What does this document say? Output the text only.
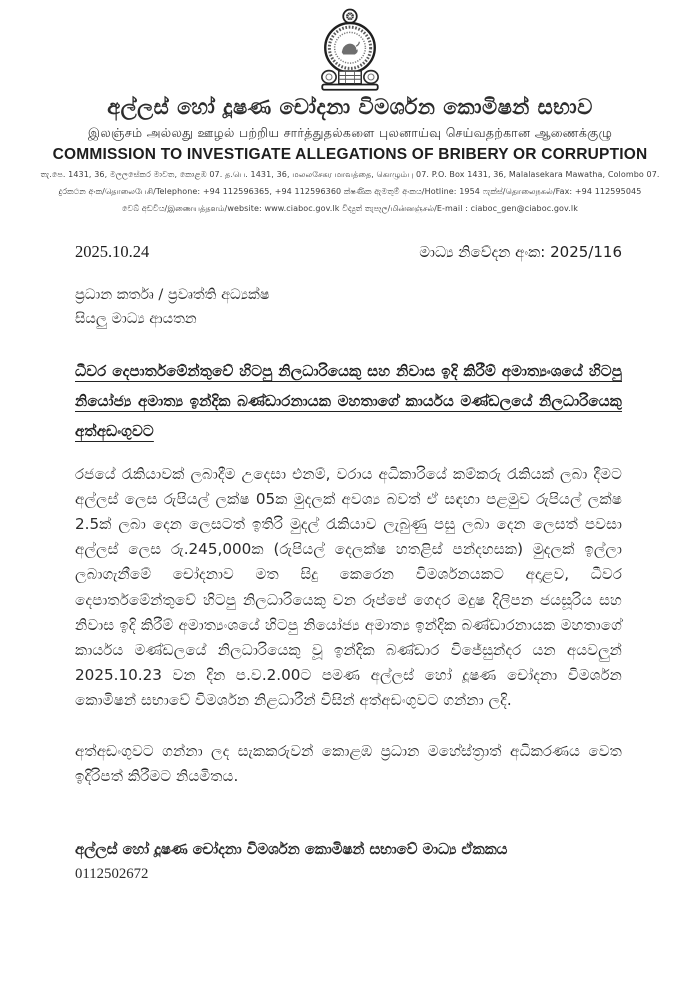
අල්ලස් හෝ දූෂණ චෝදනා විමර්ශන කොමිෂන් සභාව
இலஞ்சம் அல்லது ஊழல் பற்றிய சார்த்துதல்களை புலனாய்வு செய்வதற்கான ஆணைக்குழு
COMMISSION TO INVESTIGATE ALLEGATIONS OF BRIBERY OR CORRUPTION
තැ.පෙ. 1431, 36, මලලසේකර මාවත, කොළඹ 07. த.பெ. 1431, 36, மலலசேகர மாவத்தை, கொழும்பு 07. P.O. Box 1431, 36, Malalasekara Mawatha, Colombo 07.
දුරකථන අංක/தொலைபேசி/Telephone: +94 112596365, +94 112596360 ක්ෂණික ඇමතුම් අංකය/Hotline: 1954 ෆැක්ස්/தொலைநகல்/Fax: +94 112595045
වෙබ් අඩවිය/இணையத்தளம்/website: www.ciaboc.gov.lk විද්‍යුත් තැපෑල/மின்னஞ்சல்/E-mail : ciaboc_gen@ciaboc.gov.lk
2025.10.24	මාධ්‍ය නිවේදන අංක: 2025/116
ප්‍රධාන කර්තෘ / ප්‍රවෘත්ති අධ්‍යක්ෂ
සියලු මාධ්‍ය ආයතන
ධීවර දෙපාර්තමේන්තුවේ හිටපු නිලධාරියෙකු සහ නිවාස ඉදි කිරීම් අමාත්‍යංශයේ හිටපු නියෝජ්‍ය අමාත්‍ය ඉන්දික බණ්ඩාරනායක මහතාගේ කාර්යය මණ්ඩලයේ නිලධාරියෙකු අත්අඩංගුවට

රජයේ රැකියාවක් ලබාදීම උදෙසා එනම්, වරාය අධිකාරියේ කම්කරු රැකියක් ලබා දීමට අල්ලස් ලෙස රුපියල් ලක්ෂ 05ක මුදලක් අවශ්‍ය බවත් ඒ සඳහා පළමුව රුපියල් ලක්ෂ 2.5ක් ලබා දෙන ලෙසටත් ඉතිරි මුදල් රැකියාව ලැබුණු පසු ලබා දෙන ලෙසත් පවසා අල්ලස් ලෙස රු.245,000ක (රුපියල් දෙලක්ෂ හතළිස් පන්දහසක) මුදලක් ඉල්ලා ලබාගැනීමේ චෝදනාව මත සිදු කෙරෙන විමර්ශනයකට අදාළව, ධීවර දෙපාර්තමේන්තුවේ හිටපු නිලධාරියෙකු වන රූප්පේ ගෙදර මදුෂ දිලිපන ජයසූරිය සහ නිවාස ඉදි කිරීම් අමාත්‍යංශයේ හිටපු නියෝජ්‍ය අමාත්‍ය ඉන්දික බණ්ඩාරනායක මහතාගේ කාර්යය මණ්ඩලයේ නිලධාරියෙකු වූ ඉන්දික බණ්ඩාර විජේසුන්දර යන අයවලුන් 2025.10.23 වන දින ප.ව.2.00ට පමණ අල්ලස් හෝ දූෂණ චෝදනා විමර්ශන කොමිෂන් සභාවේ විමර්ශන නිළධාරීන් විසින් අත්අඩංගුවට ගන්නා ලදි.

අත්අඩංගුවට ගන්නා ලද සැකකරුවන් කොළඹ ප්‍රධාන මහේස්ත්‍රාත් අධිකරණය වෙත ඉදිරිපත් කිරීමට නියමිතය.

අල්ලස් හෝ දූෂණ චෝදනා විමර්ශන කොමිෂන් සභාවේ මාධ්‍ය ඒකකය
0112502672
